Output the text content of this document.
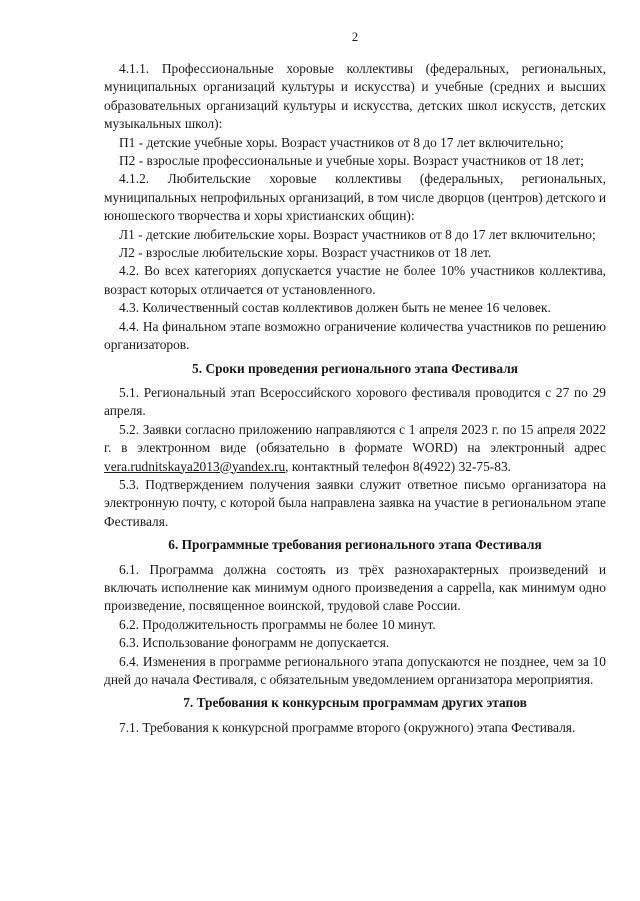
2

4.1.1. Профессиональные хоровые коллективы (федеральных, региональных, муниципальных организаций культуры и искусства) и учебные (средних и высших образовательных организаций культуры и искусства, детских школ искусств, детских музыкальных школ):

П1 - детские учебные хоры. Возраст участников от 8 до 17 лет включительно;

П2 - взрослые профессиональные и учебные хоры. Возраст участников от 18 лет;

4.1.2. Любительские хоровые коллективы (федеральных, региональных, муниципальных непрофильных организаций, в том числе дворцов (центров) детского и юношеского творчества и хоры христианских общин):

Л1 - детские любительские хоры. Возраст участников от 8 до 17 лет включительно;

Л2 - взрослые любительские хоры. Возраст участников от 18 лет.

4.2. Во всех категориях допускается участие не более 10% участников коллектива, возраст которых отличается от установленного.

4.3. Количественный состав коллективов должен быть не менее 16 человек.

4.4. На финальном этапе возможно ограничение количества участников по решению организаторов.

5. Сроки проведения регионального этапа Фестиваля

5.1. Региональный этап Всероссийского хорового фестиваля проводится с 27 по 29 апреля.

5.2. Заявки согласно приложению направляются с 1 апреля 2023 г. по 15 апреля 2022 г. в электронном виде (обязательно в формате WORD) на электронный адрес vera.rudnitskaya2013@yandex.ru, контактный телефон 8(4922) 32-75-83.

5.3. Подтверждением получения заявки служит ответное письмо организатора на электронную почту, с которой была направлена заявка на участие в региональном этапе Фестиваля.

6. Программные требования регионального этапа Фестиваля

6.1. Программа должна состоять из трёх разнохарактерных произведений и включать исполнение как минимум одного произведения а cappella, как минимум одно произведение, посвященное воинской, трудовой славе России.

6.2. Продолжительность программы не более 10 минут.

6.3. Использование фонограмм не допускается.

6.4. Изменения в программе регионального этапа допускаются не позднее, чем за 10 дней до начала Фестиваля, с обязательным уведомлением организатора мероприятия.

7. Требования к конкурсным программам других этапов

7.1. Требования к конкурсной программе второго (окружного) этапа Фестиваля.
